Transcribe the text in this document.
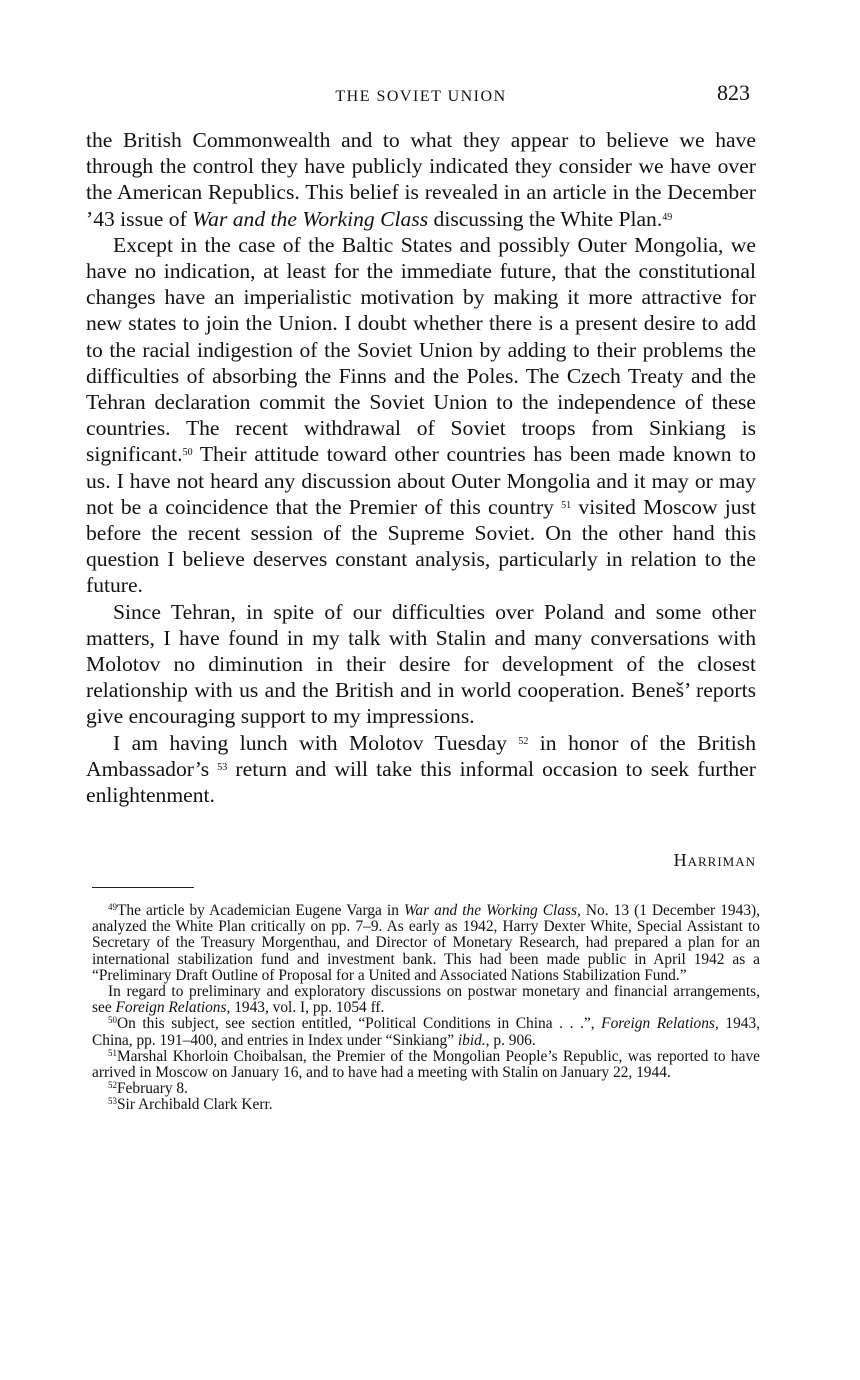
THE SOVIET UNION	823

the British Commonwealth and to what they appear to believe we have through the control they have publicly indicated they consider we have over the American Republics. This belief is revealed in an article in the December ’43 issue of War and the Working Class discussing the White Plan.$^{49}$

Except in the case of the Baltic States and possibly Outer Mongolia, we have no indication, at least for the immediate future, that the constitutional changes have an imperialistic motivation by making it more attractive for new states to join the Union. I doubt whether there is a present desire to add to the racial indigestion of the Soviet Union by adding to their problems the difficulties of absorbing the Finns and the Poles. The Czech Treaty and the Tehran declaration commit the Soviet Union to the independence of these countries. The recent withdrawal of Soviet troops from Sinkiang is significant.$^{50}$ Their attitude toward other countries has been made known to us. I have not heard any discussion about Outer Mongolia and it may or may not be a coincidence that the Premier of this country $^{51}$ visited Moscow just before the recent session of the Supreme Soviet. On the other hand this question I believe deserves constant analysis, particularly in relation to the future.

Since Tehran, in spite of our difficulties over Poland and some other matters, I have found in my talk with Stalin and many conversations with Molotov no diminution in their desire for development of the closest relationship with us and the British and in world cooperation. Beneš’ reports give encouraging support to my impressions.

I am having lunch with Molotov Tuesday $^{52}$ in honor of the British Ambassador’s $^{53}$ return and will take this informal occasion to seek further enlightenment.

Harriman

$^{49}$The article by Academician Eugene Varga in War and the Working Class, No. 13 (1 December 1943), analyzed the White Plan critically on pp. 7–9. As early as 1942, Harry Dexter White, Special Assistant to Secretary of the Treasury Morgenthau, and Director of Monetary Research, had prepared a plan for an international stabilization fund and investment bank. This had been made public in April 1942 as a “Preliminary Draft Outline of Proposal for a United and Associated Nations Stabilization Fund.”

In regard to preliminary and exploratory discussions on postwar monetary and financial arrangements, see Foreign Relations, 1943, vol. I, pp. 1054 ff.

$^{50}$On this subject, see section entitled, “Political Conditions in China . . .”, Foreign Relations, 1943, China, pp. 191–400, and entries in Index under “Sinkiang” ibid., p. 906.

$^{51}$Marshal Khorloin Choibalsan, the Premier of the Mongolian People’s Republic, was reported to have arrived in Moscow on January 16, and to have had a meeting with Stalin on January 22, 1944.

$^{52}$February 8.

$^{53}$Sir Archibald Clark Kerr.
